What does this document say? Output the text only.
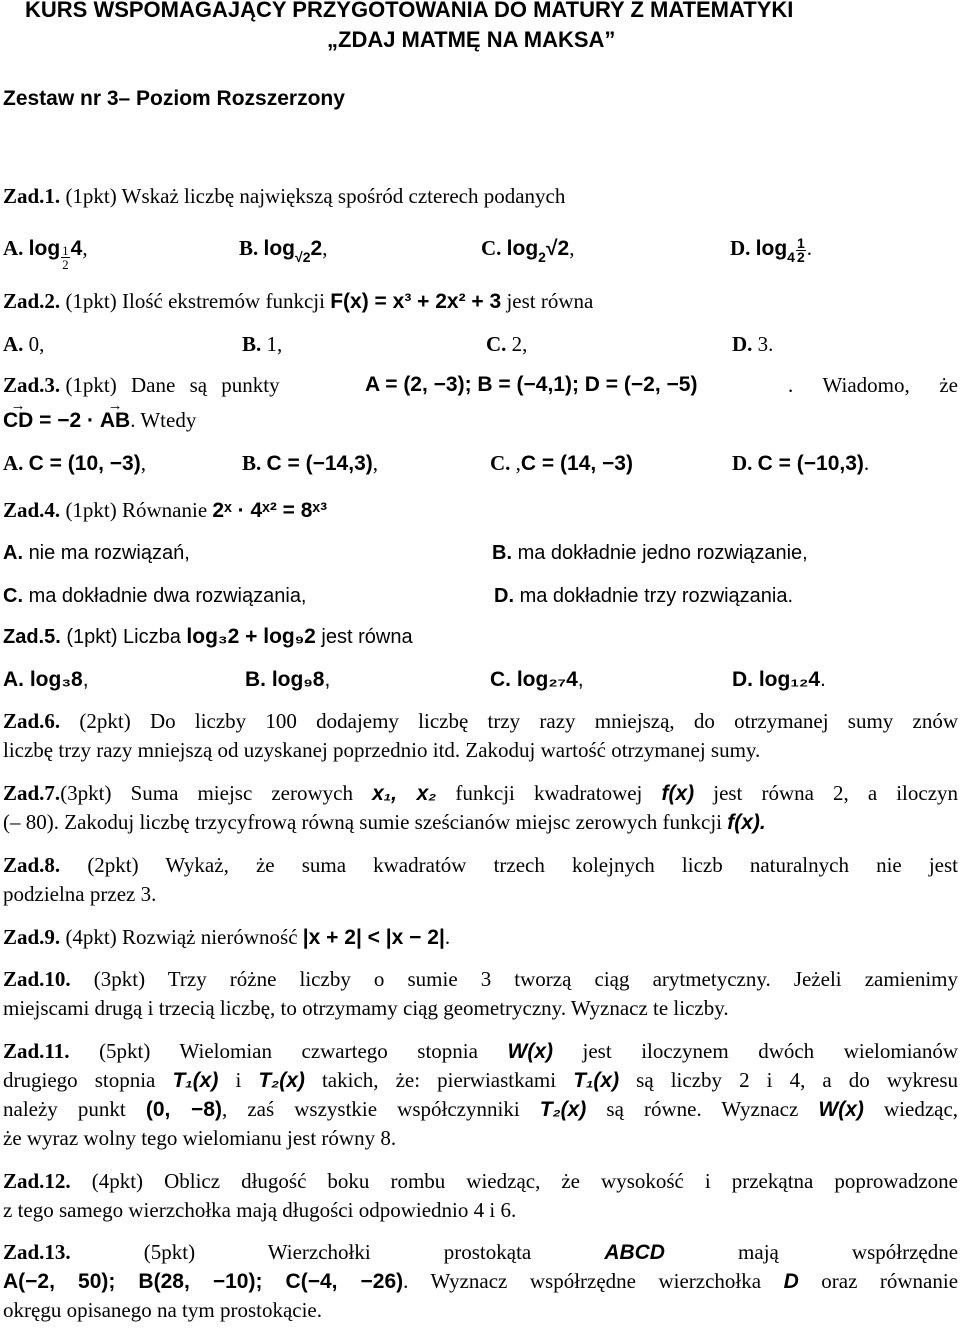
KURS WSPOMAGAJĄCY PRZYGOTOWANIA DO MATURY Z MATEMATYKI
„ZDAJ MATMĘ NA MAKSA”
Zestaw nr 3– Poziom Rozszerzony
Zad.1. (1pkt) Wskaż liczbę największą spośród czterech podanych
A. log $_{\frac{1}{2}}$ 4,	B. $\log_{√2}2$,	C. $\log_2√2$,	D. $\log_4 \frac{1}{2}$ .
Zad.2. (1pkt) Ilość ekstremów funkcji F(x) = x³ + 2x² + 3 jest równa
A. 0,	B. 1,	C. 2,	D. 3.
Zad.3. (1pkt) Dane są punkty	A = (2, −3); B = (−4,1); D = (−2, −5)	. Wiadomo, że
CD → = −2 · AB →. Wtedy
A. C = (10, −3),	B. C = (−14,3),	C. ,C = (14, −3)	D. C = (−10,3).
Zad.4. (1pkt) Równanie 2ˣ · 4ˣ² = 8ˣ³
A. nie ma rozwiązań,	B. ma dokładnie jedno rozwiązanie,
C. ma dokładnie dwa rozwiązania,	D. ma dokładnie trzy rozwiązania.
Zad.5. (1pkt) Liczba log₃2 + log₉2 jest równa
A. log₃8,	B. log₉8,	C. log₂₇4,	D. log₁₂4.
Zad.6. (2pkt) Do liczby 100 dodajemy liczbę trzy razy mniejszą, do otrzymanej sumy znów
liczbę trzy razy mniejszą od uzyskanej poprzednio itd. Zakoduj wartość otrzymanej sumy.
Zad.7.(3pkt) Suma miejsc zerowych x₁, x₂ funkcji kwadratowej f(x) jest równa 2, a iloczyn
(– 80). Zakoduj liczbę trzycyfrową równą sumie sześcianów miejsc zerowych funkcji f(x).
Zad.8. (2pkt) Wykaż, że suma kwadratów trzech kolejnych liczb naturalnych nie jest
podzielna przez 3.
Zad.9. (4pkt) Rozwiąż nierówność |x + 2| < |x − 2|.
Zad.10. (3pkt) Trzy różne liczby o sumie 3 tworzą ciąg arytmetyczny. Jeżeli zamienimy
miejscami drugą i trzecią liczbę, to otrzymamy ciąg geometryczny. Wyznacz te liczby.
Zad.11. (5pkt) Wielomian czwartego stopnia W(x) jest iloczynem dwóch wielomianów
drugiego stopnia T₁(x) i T₂(x) takich, że: pierwiastkami T₁(x) są liczby 2 i 4, a do wykresu
należy punkt (0, −8), zaś wszystkie współczynniki T₂(x) są równe. Wyznacz W(x) wiedząc,
że wyraz wolny tego wielomianu jest równy 8.
Zad.12. (4pkt) Oblicz długość boku rombu wiedząc, że wysokość i przekątna poprowadzone
z tego samego wierzchołka mają długości odpowiednio 4 i 6.
Zad.13.	(5pkt)	Wierzchołki	prostokąta	ABCD	mają	współrzędne
A(−2, 50); B(28, −10); C(−4, −26). Wyznacz współrzędne wierzchołka D oraz równanie
okręgu opisanego na tym prostokącie.
